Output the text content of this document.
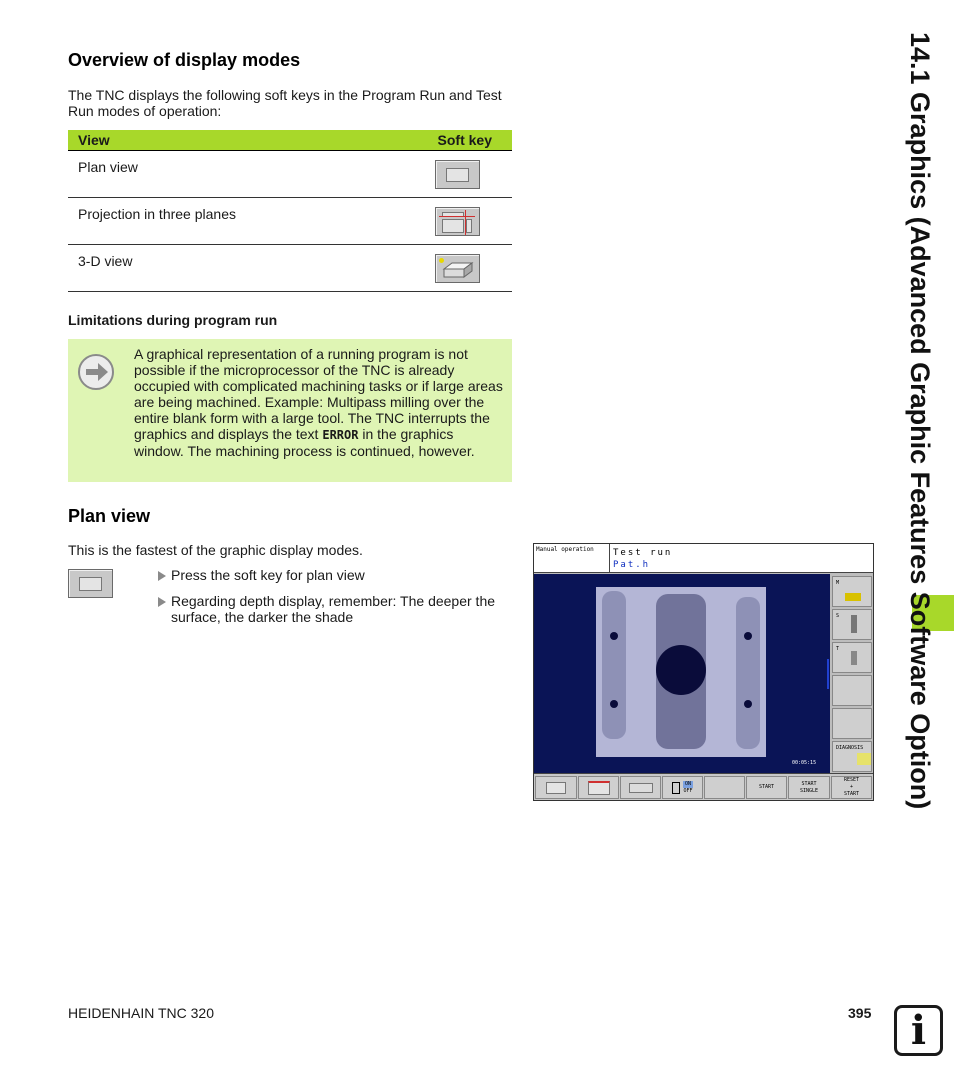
14.1 Graphics (Advanced Graphic Features Software Option)
Overview of display modes
The TNC displays the following soft keys in the Program Run and Test Run modes of operation:
View	Soft key
Plan view
Projection in three planes
3-D view
Limitations during program run
A graphical representation of a running program is not possible if the microprocessor of the TNC is already occupied with complicated machining tasks or if large areas are being machined. Example: Multipass milling over the entire blank form with a large tool. The TNC interrupts the graphics and displays the text ERROR in the graphics window. The machining process is continued, however.
Plan view
This is the fastest of the graphic display modes.
Press the soft key for plan view
Regarding depth display, remember: The deeper the surface, the darker the shade
Manual operation Test run
Pat.h
00:05:15
M
S
T
DIAGNOSIS
ON
OFF
START
START
SINGLE
RESET
+
START
HEIDENHAIN TNC 320	395 i
